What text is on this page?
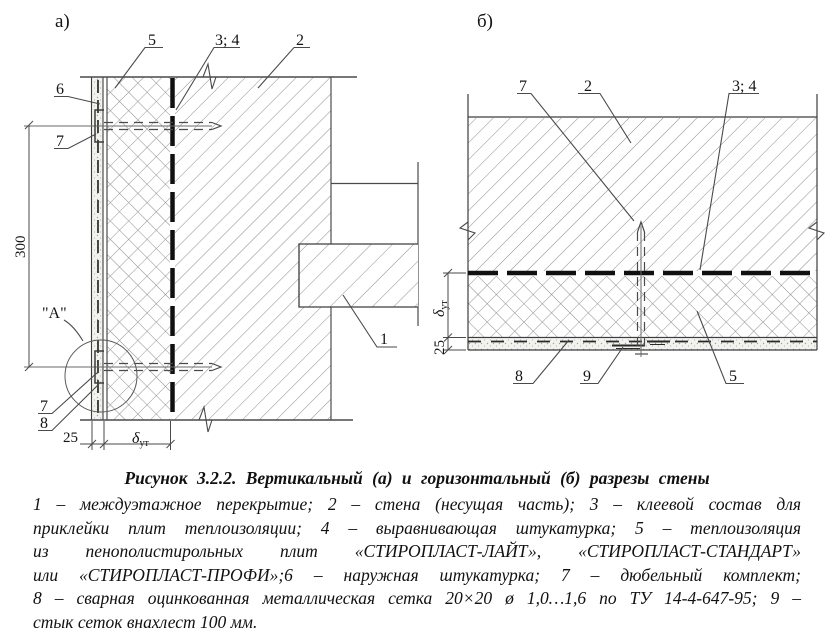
а)
300
25	δут
5	3; 4	2
6
7
"А"
7
8
1
б)
δут
25
7	2	3; 4
8	9	5
Рисунок 3.2.2. Вертикальный (а) и горизонтальный (б) разрезы стены
1 – междуэтажное перекрытие; 2 – стена (несущая часть); 3 – клеевой состав для
приклейки плит теплоизоляции; 4 – выравнивающая штукатурка; 5 – теплоизоляция
из пенополистирольных плит «СТИРОПЛАСТ-ЛАЙТ», «СТИРОПЛАСТ-СТАНДАРТ»
или «СТИРОПЛАСТ-ПРОФИ»;6 – наружная штукатурка; 7 – дюбельный комплект;
8 – сварная оцинкованная металлическая сетка 20×20 ø 1,0…1,6 по ТУ 14-4-647-95; 9 –
стык сеток внахлест 100 мм.
